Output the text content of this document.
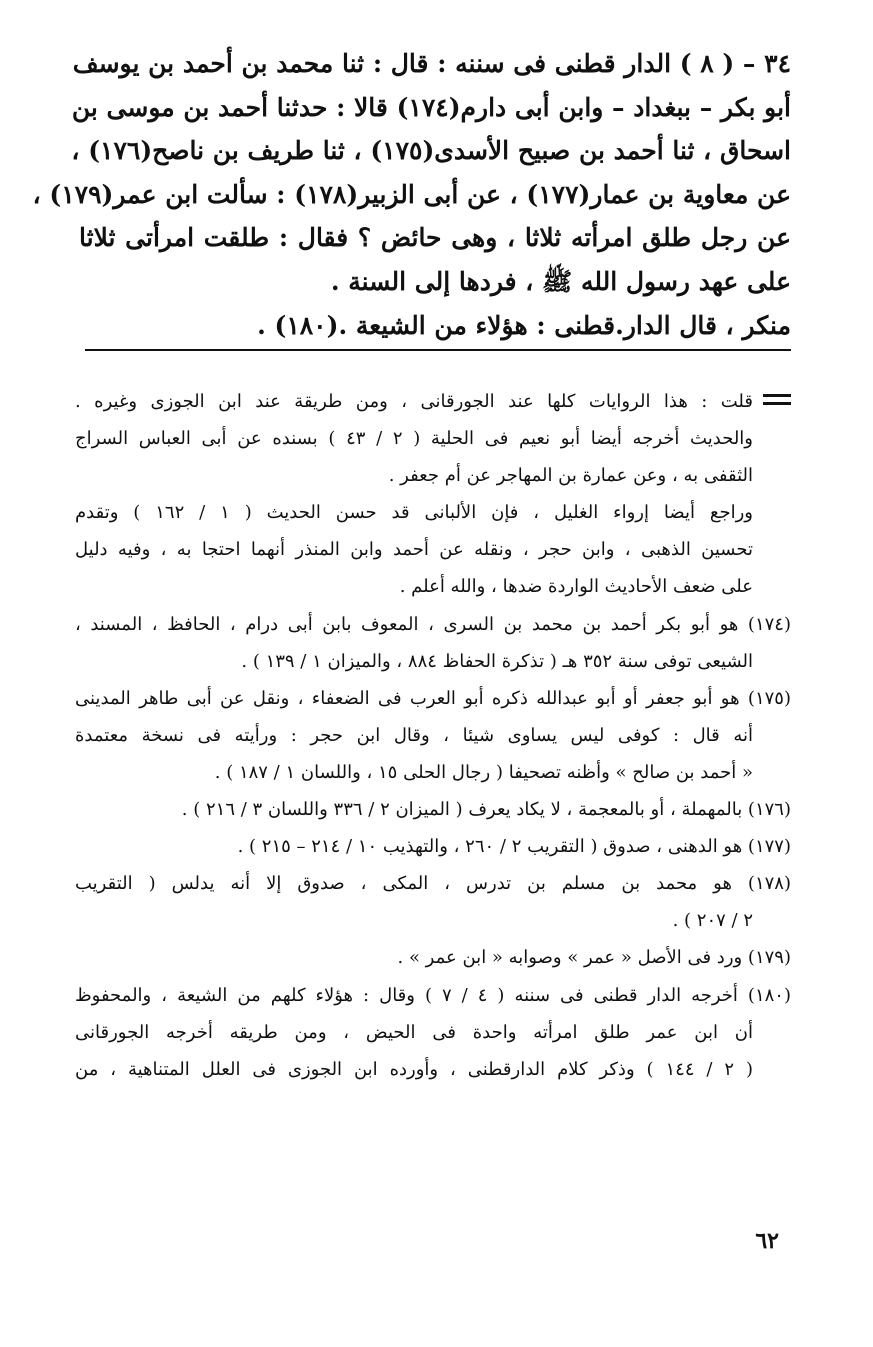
٣٤ – ( ٨ ) الدار قطنى فى سننه : قال : ثنا محمد بن أحمد بن يوسف
أبو بكر – ببغداد – وابن أبى دارم(١٧٤) قالا : حدثنا أحمد بن موسى بن
اسحاق ، ثنا أحمد بن صبيح الأسدى(١٧٥) ، ثنا طريف بن ناصح(١٧٦) ،
عن معاوية بن عمار(١٧٧) ، عن أبى الزبير(١٧٨) : سألت ابن عمر(١٧٩) ،
عن رجل طلق امرأته ثلاثا ، وهى حائض ؟ فقال : طلقت امرأتى ثلاثا
على عهد رسول الله ﷺ ، فردها إلى السنة .
منكر ، قال الدار.قطنى : هؤلاء من الشيعة .(١٨٠) .
قلت : هذا الروايات كلها عند الجورقانى ، ومن طريقة عند ابن الجوزى وغيره .
والحديث أخرجه أيضا أبو نعيم فى الحلية ( ٢ / ٤٣ ) بسنده عن أبى العباس السراج
الثقفى به ، وعن عمارة بن المهاجر عن أم جعفر .
وراجع أيضا إرواء الغليل ، فإن الألبانى قد حسن الحديث ( ١ / ١٦٢ ) وتقدم
تحسين الذهبى ، وابن حجر ، ونقله عن أحمد وابن المنذر أنهما احتجا به ، وفيه دليل
على ضعف الأحاديث الواردة ضدها ، والله أعلم .
(١٧٤) هو أبو بكر أحمد بن محمد بن السرى ، المعوف بابن أبى درام ، الحافظ ، المسند ،
الشيعى توفى سنة ٣٥٢ هـ ( تذكرة الحفاظ ٨٨٤ ، والميزان ١ / ١٣٩ ) .
(١٧٥) هو أبو جعفر أو أبو عبدالله ذكره أبو العرب فى الضعفاء ، ونقل عن أبى طاهر المدينى
أنه قال : كوفى ليس يساوى شيئا ، وقال ابن حجر : ورأيته فى نسخة معتمدة
« أحمد بن صالح » وأظنه تصحيفا ( رجال الحلى ١٥ ، واللسان ١ / ١٨٧ ) .
(١٧٦) بالمهملة ، أو بالمعجمة ، لا يكاد يعرف ( الميزان ٢ / ٣٣٦ واللسان ٣ / ٢١٦ ) .
(١٧٧) هو الدهنى ، صدوق ( التقريب ٢ / ٢٦٠ ، والتهذيب ١٠ / ٢١٤ – ٢١٥ ) .
(١٧٨) هو محمد بن مسلم بن تدرس ، المكى ، صدوق إلا أنه يدلس ( التقريب
٢ / ٢٠٧ ) .
(١٧٩) ورد فى الأصل « عمر » وصوابه « ابن عمر » .
(١٨٠) أخرجه الدار قطنى فى سننه ( ٤ / ٧ ) وقال : هؤلاء كلهم من الشيعة ، والمحفوظ
أن ابن عمر طلق امرأته واحدة فى الحيض ، ومن طريقه أخرجه الجورقانى
( ٢ / ١٤٤ ) وذكر كلام الدارقطنى ، وأورده ابن الجوزى فى العلل المتناهية ، من
٦٢
